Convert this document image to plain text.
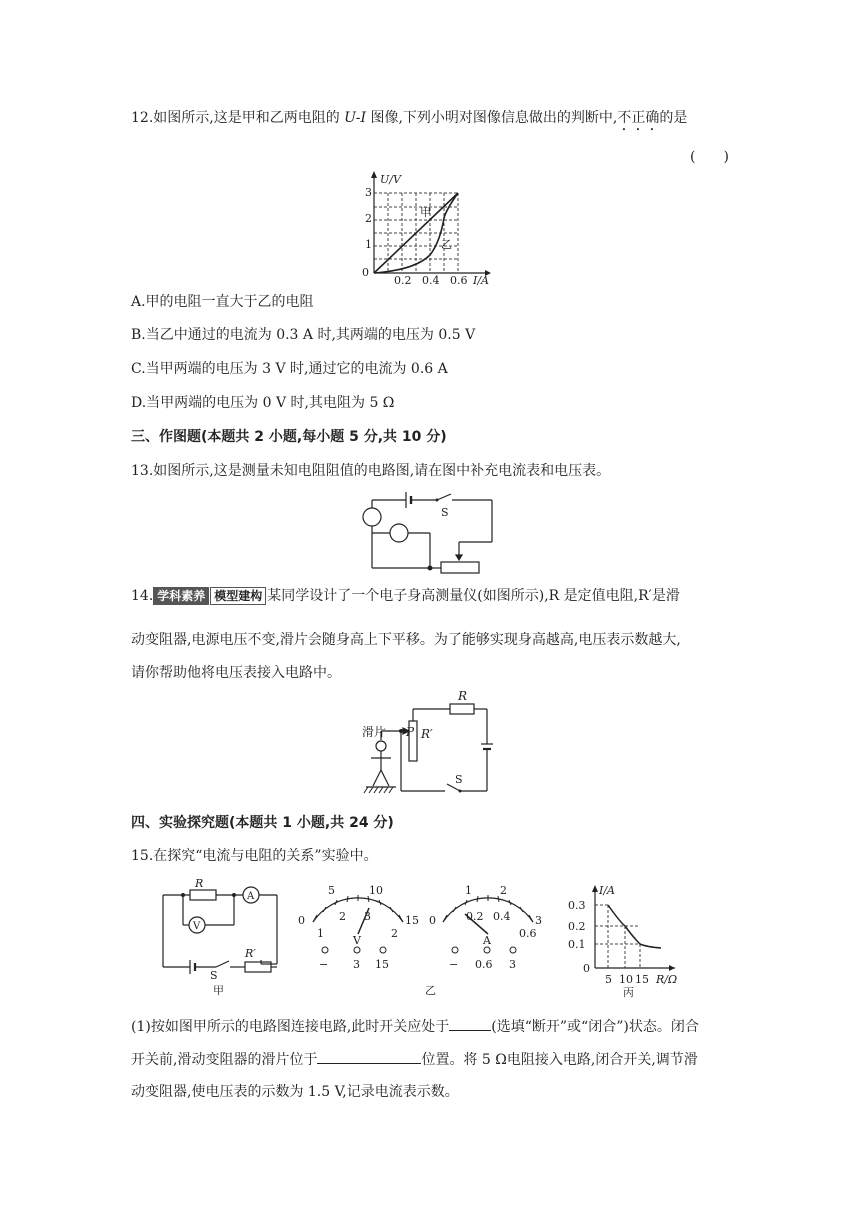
12.如图所示,这是甲和乙两电阻的 U-I 图像,下列小明对图像信息做出的判断中,不正确的是
(　　)
U/V
0
3
2
1
0.2 0.4 0.6 I/A
甲
乙
A.甲的电阻一直大于乙的电阻
B.当乙中通过的电流为 0.3 A 时,其两端的电压为 0.5 V
C.当甲两端的电压为 3 V 时,通过它的电流为 0.6 A
D.当甲两端的电压为 0 V 时,其电阻为 5 Ω
三、作图题(本题共 2 小题,每小题 5 分,共 10 分)
13.如图所示,这是测量未知电阻阻值的电路图,请在图中补充电流表和电压表。
S
14. 学科素养 模型建构 某同学设计了一个电子身高测量仪(如图所示),R 是定值电阻,R′是滑
动变阻器,电源电压不变,滑片会随身高上下平移。为了能够实现身高越高,电压表示数越大,
请你帮助他将电压表接入电路中。
滑片 P
R
R′
S
四、实验探究题(本题共 1 小题,共 24 分)
15.在探究“电流与电阻的关系”实验中。
R
A
V
R′
S
甲
5	10
0
1
2 3	15
2
V
− 3 15
1	2
0	0.2 0.4 3
0.6
A
− 0.6 3
乙
I/A
0.3
0.2
0.1
0
5 10 15 R/Ω
丙
(1)按如图甲所示的电路图连接电路,此时开关应处于	(选填“断开”或“闭合”)状态。闭合
开关前,滑动变阻器的滑片位于	位置。将 5 Ω电阻接入电路,闭合开关,调节滑
动变阻器,使电压表的示数为 1.5 V,记录电流表示数。
